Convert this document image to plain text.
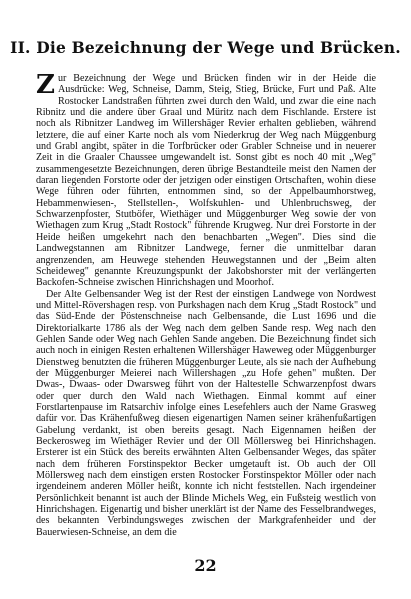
II. Die Bezeichnung der Wege und Brücken.

Zur Bezeichnung der Wege und Brücken finden wir in der Heide die Ausdrücke: Weg, Schneise, Damm, Steig, Stieg, Brücke, Furt und Paß. Alte Rostocker Landstraßen führten zwei durch den Wald, und zwar die eine nach Ribnitz und die andere über Graal und Müritz nach dem Fischlande. Erstere ist noch als Ribnitzer Landweg im Willershäger Revier erhalten geblieben, während letztere, die auf einer Karte noch als vom Niederkrug der Weg nach Müggenburg und Grabl angibt, später in die Torfbrücker oder Grabler Schneise und in neuerer Zeit in die Graaler Chaussee umgewandelt ist. Sonst gibt es noch 40 mit „Weg" zusammengesetzte Bezeichnungen, deren übrige Bestandteile meist den Namen der daran liegenden Forstorte oder der jetzigen oder einstigen Ortschaften, wohin diese Wege führen oder führten, entnommen sind, so der Appelbaumhorstweg, Hebammenwiesen-, Stellstellen-, Wolfskuhlen- und Uhlenbruchsweg, der Schwarzenpfoster, Stutböfer, Wiethäger und Müggenburger Weg sowie der von Wiethagen zum Krug „Stadt Rostock" führende Krugweg. Nur drei Forstorte in der Heide heißen umgekehrt nach den benachbarten „Wegen". Dies sind die Landwegstannen am Ribnitzer Landwege, ferner die unmittelbar daran angrenzenden, am Heuwege stehenden Heuwegstannen und der „Beim alten Scheideweg" genannte Kreuzungspunkt der Jakobshorster mit der verlängerten Backofen-Schneise zwischen Hinrichshagen und Moorhof.

Der Alte Gelbensander Weg ist der Rest der einstigen Landwege von Nordwest und Mittel-Rövershagen resp. von Purkshagen nach dem Krug „Stadt Rostock" und das Süd-Ende der Pöstenschneise nach Gelbensande, die Lust 1696 und die Direktorialkarte 1786 als der Weg nach dem gelben Sande resp. Weg nach den Gehlen Sande oder Weg nach Gehlen Sande angeben. Die Bezeichnung findet sich auch noch in einigen Resten erhaltenen Willershäger Haweweg oder Müggenburger Dienstweg benutzten die früheren Müggenburger Leute, als sie nach der Aufhebung der Müggenburger Meierei nach Willershagen „zu Hofe gehen" mußten. Der Dwas-, Dwaas- oder Dwarsweg führt von der Haltestelle Schwarzenpfost dwars oder quer durch den Wald nach Wiethagen. Einmal kommt auf einer Forstlartenpause im Ratsarchiv infolge eines Lesefehlers auch der Name Grasweg dafür vor. Das Krähenfußweg diesen eigenartigen Namen seiner krähenfußartigen Gabelung verdankt, ist oben bereits gesagt. Nach Eigennamen heißen der Beckerosweg im Wiethäger Revier und der Oll Möllersweg bei Hinrichshagen. Ersterer ist ein Stück des bereits erwähnten Alten Gelbensander Weges, das später nach dem früheren Forstinspektor Becker umgetauft ist. Ob auch der Oll Möllersweg nach dem einstigen ersten Rostocker Forstinspektor Möller oder nach irgendeinem anderen Möller heißt, konnte ich nicht feststellen. Nach irgendeiner Persönlichkeit benannt ist auch der Blinde Michels Weg, ein Fußsteig westlich von Hinrichshagen. Eigenartig und bisher unerklärt ist der Name des Fesselbrandweges, des bekannten Verbindungsweges zwischen der Markgrafenheider und der Bauerwiesen-Schneise, an dem die

22
